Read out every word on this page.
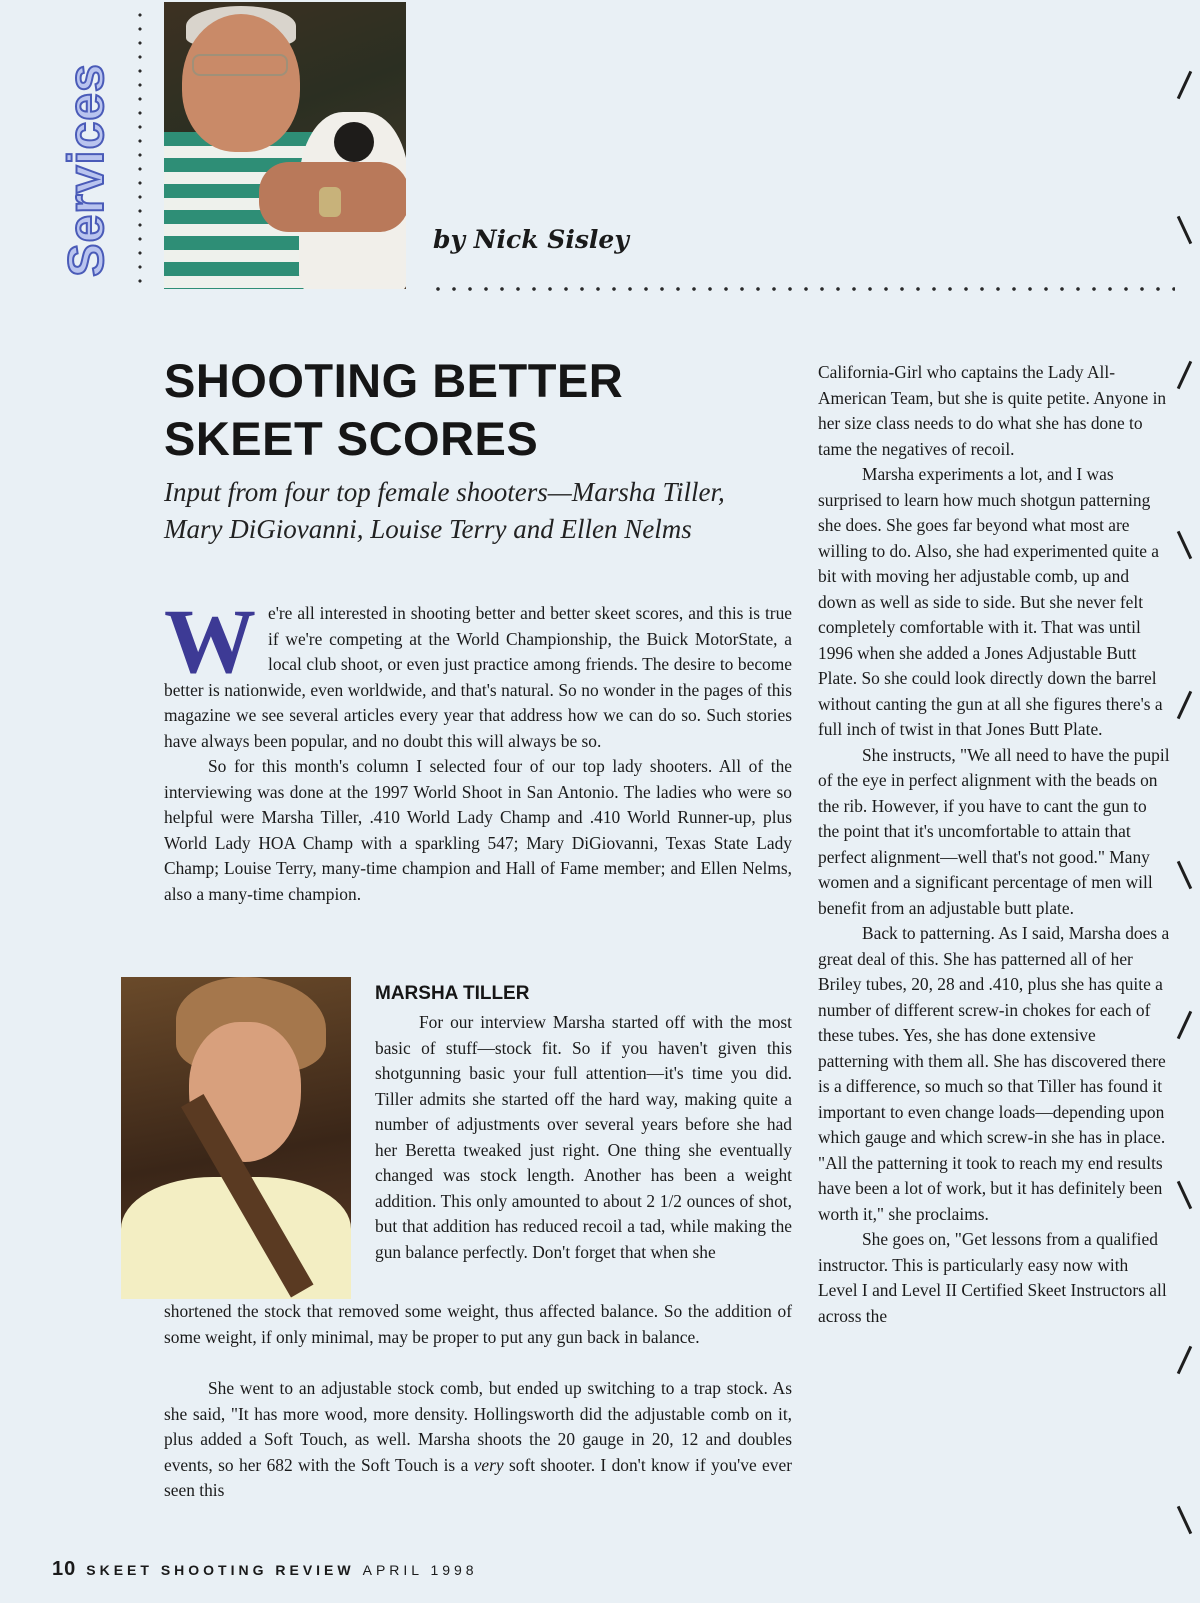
Services	by Nick Sisley
SHOOTING BETTER SKEET SCORES

Input from four top female shooters—Marsha Tiller, Mary DiGiovanni, Louise Terry and Ellen Nelms

We're all interested in shooting better and better skeet scores, and this is true if we're competing at the World Championship, the Buick MotorState, a local club shoot, or even just practice among friends. The desire to become better is nationwide, even worldwide, and that's natural. So no wonder in the pages of this magazine we see several articles every year that address how we can do so. Such stories have always been popular, and no doubt this will always be so.

So for this month's column I selected four of our top lady shooters. All of the interviewing was done at the 1997 World Shoot in San Antonio. The ladies who were so helpful were Marsha Tiller, .410 World Lady Champ and .410 World Runner-up, plus World Lady HOA Champ with a sparkling 547; Mary DiGiovanni, Texas State Lady Champ; Louise Terry, many-time champion and Hall of Fame member; and Ellen Nelms, also a many-time champion.

MARSHA TILLER

For our interview Marsha started off with the most basic of stuff—stock fit. So if you haven't given this shotgunning basic your full attention—it's time you did. Tiller admits she started off the hard way, making quite a number of adjustments over several years before she had her Beretta tweaked just right. One thing she eventually changed was stock length. Another has been a weight addition. This only amounted to about 2 1/2 ounces of shot, but that addition has reduced recoil a tad, while making the gun balance perfectly. Don't forget that when she

shortened the stock that removed some weight, thus affected balance. So the addition of some weight, if only minimal, may be proper to put any gun back in balance.

She went to an adjustable stock comb, but ended up switching to a trap stock. As she said, "It has more wood, more density. Hollingsworth did the adjustable comb on it, plus added a Soft Touch, as well. Marsha shoots the 20 gauge in 20, 12 and doubles events, so her 682 with the Soft Touch is a very soft shooter. I don't know if you've ever seen this

California-Girl who captains the Lady All-American Team, but she is quite petite. Anyone in her size class needs to do what she has done to tame the negatives of recoil.

Marsha experiments a lot, and I was surprised to learn how much shotgun patterning she does. She goes far beyond what most are willing to do. Also, she had experimented quite a bit with moving her adjustable comb, up and down as well as side to side. But she never felt completely comfortable with it. That was until 1996 when she added a Jones Adjustable Butt Plate. So she could look directly down the barrel without canting the gun at all she figures there's a full inch of twist in that Jones Butt Plate.

She instructs, "We all need to have the pupil of the eye in perfect alignment with the beads on the rib. However, if you have to cant the gun to the point that it's uncomfortable to attain that perfect alignment—well that's not good." Many women and a significant percentage of men will benefit from an adjustable butt plate.

Back to patterning. As I said, Marsha does a great deal of this. She has patterned all of her Briley tubes, 20, 28 and .410, plus she has quite a number of different screw-in chokes for each of these tubes. Yes, she has done extensive patterning with them all. She has discovered there is a difference, so much so that Tiller has found it important to even change loads—depending upon which gauge and which screw-in she has in place. "All the patterning it took to reach my end results have been a lot of work, but it has definitely been worth it," she proclaims.

She goes on, "Get lessons from a qualified instructor. This is particularly easy now with Level I and Level II Certified Skeet Instructors all across the

10 SKEET SHOOTING REVIEW APRIL 1998
